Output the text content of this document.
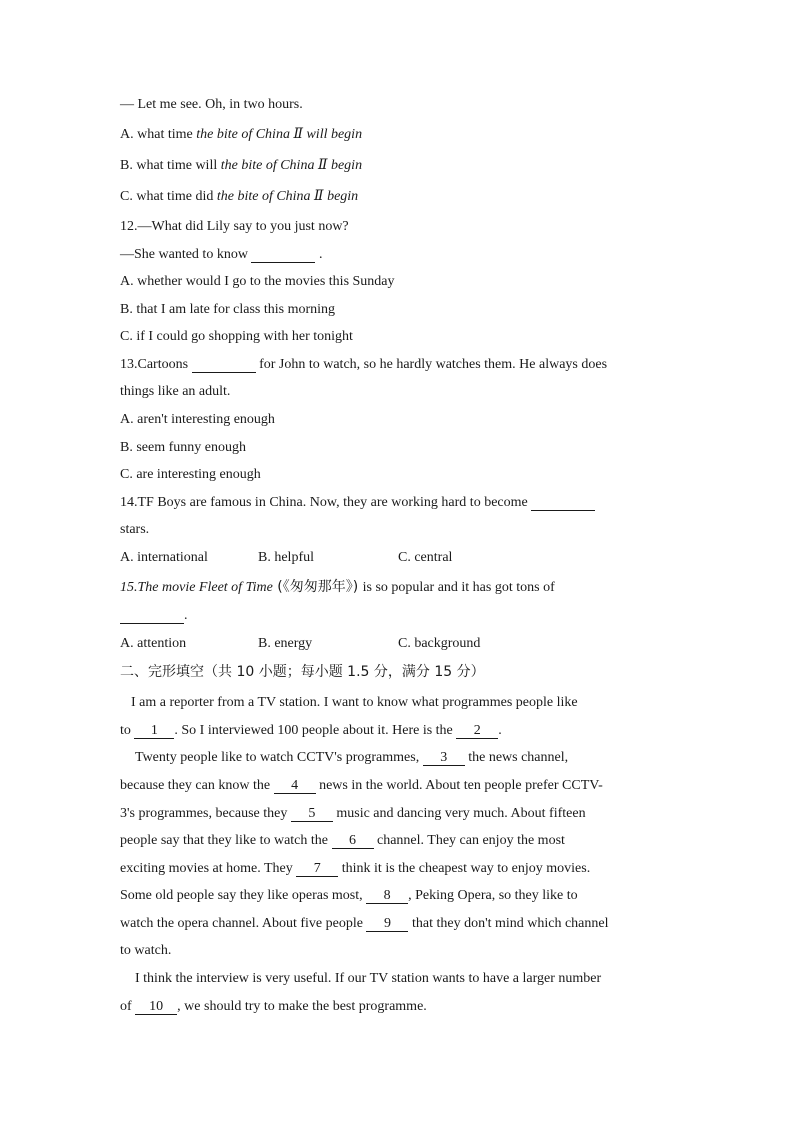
— Let me see. Oh, in two hours.
A. what time the bite of China Ⅱ will begin
B. what time will the bite of China Ⅱ begin
C. what time did the bite of China Ⅱ begin
12.—What did Lily say to you just now?
—She wanted to know	.
A. whether would I go to the movies this Sunday
B. that I am late for class this morning
C. if I could go shopping with her tonight
13.Cartoons	for John to watch, so he hardly watches them. He always does
things like an adult.
A. aren't interesting enough
B. seem funny enough
C. are interesting enough
14.TF Boys are famous in China. Now, they are working hard to become
stars.
A. international	B. helpful	C. central
15.The movie Fleet of Time (《匆匆那年》) is so popular and it has got tons of
.
A. attention	B. energy	C. background
二、完形填空（共 10 小题；每小题 1.5 分，满分 15 分）
I am a reporter from a TV station. I want to know what programmes people like
to 1 . So I interviewed 100 people about it. Here is the 2 .
Twenty people like to watch CCTV's programmes, 3 the news channel,
because they can know the 4 news in the world. About ten people prefer CCTV-
3's programmes, because they 5 music and dancing very much. About fifteen
people say that they like to watch the 6 channel. They can enjoy the most
exciting movies at home. They 7 think it is the cheapest way to enjoy movies.
Some old people say they like operas most, 8 , Peking Opera, so they like to
watch the opera channel. About five people 9 that they don't mind which channel
to watch.
I think the interview is very useful. If our TV station wants to have a larger number
of 10 , we should try to make the best programme.
